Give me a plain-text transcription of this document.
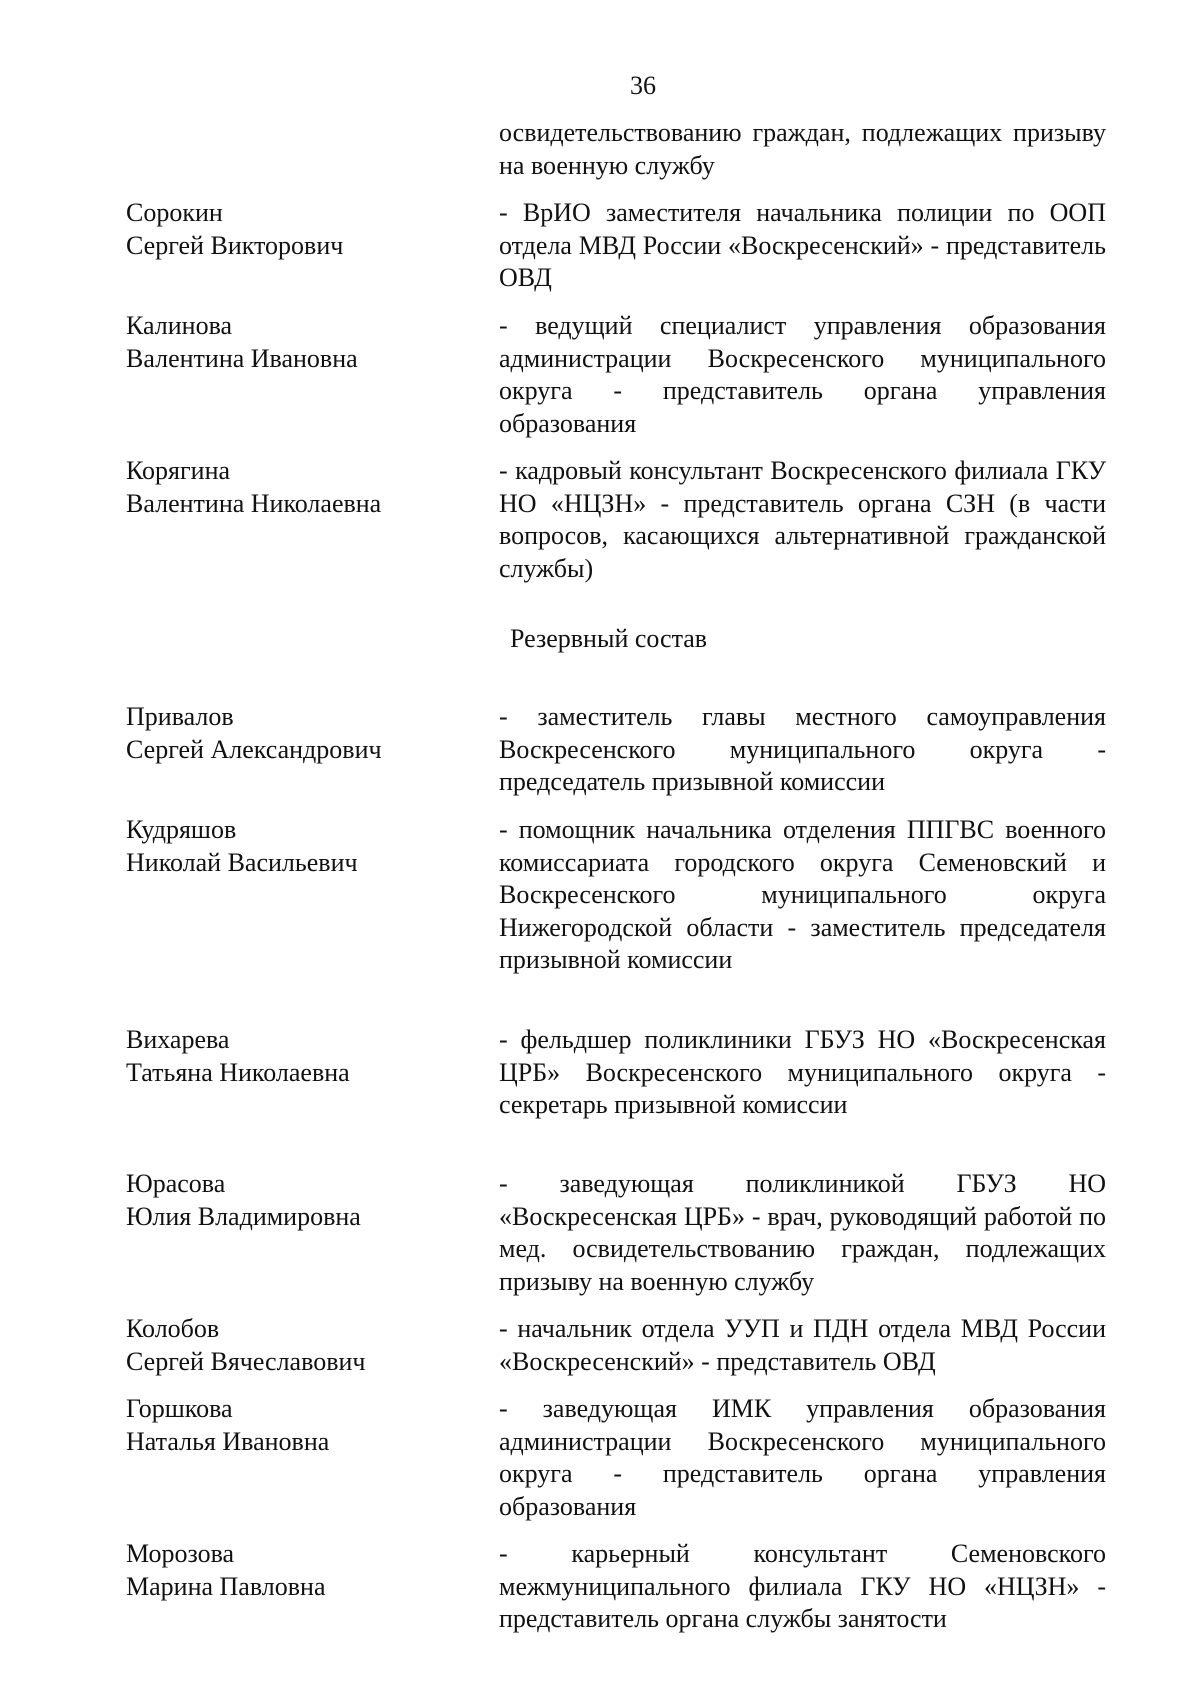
36
освидетельствованию граждан, подлежащих призыву на военную службу
Сорокин
Сергей Викторович
- ВрИО заместителя начальника полиции по ООП отдела МВД России «Воскресенский» - представитель ОВД
Калинова
Валентина Ивановна
- ведущий специалист управления образования администрации Воскресенского муниципального округа - представитель органа управления образования
Корягина
Валентина Николаевна
- кадровый консультант Воскресенского филиала ГКУ НО «НЦЗН» - представитель органа СЗН (в части вопросов, касающихся альтернативной гражданской службы)
Резервный состав
Привалов
Сергей Александрович
- заместитель главы местного самоуправления Воскресенского муниципального округа - председатель призывной комиссии
Кудряшов
Николай Васильевич
- помощник начальника отделения ППГВС военного комиссариата городского округа Семеновский и Воскресенского муниципального округа Нижегородской области - заместитель председателя призывной комиссии
Вихарева
Татьяна Николаевна
- фельдшер поликлиники ГБУЗ НО «Воскресенская ЦРБ» Воскресенского муниципального округа - секретарь призывной комиссии
Юрасова
Юлия Владимировна
- заведующая поликлиникой ГБУЗ НО «Воскресенская ЦРБ» - врач, руководящий работой по мед. освидетельствованию граждан, подлежащих призыву на военную службу
Колобов
Сергей Вячеславович
- начальник отдела УУП и ПДН отдела МВД России «Воскресенский» - представитель ОВД
Горшкова
Наталья Ивановна
- заведующая ИМК управления образования администрации Воскресенского муниципального округа - представитель органа управления образования
Морозова
Марина Павловна
- карьерный консультант Семеновского межмуниципального филиала ГКУ НО «НЦЗН» - представитель органа службы занятости
